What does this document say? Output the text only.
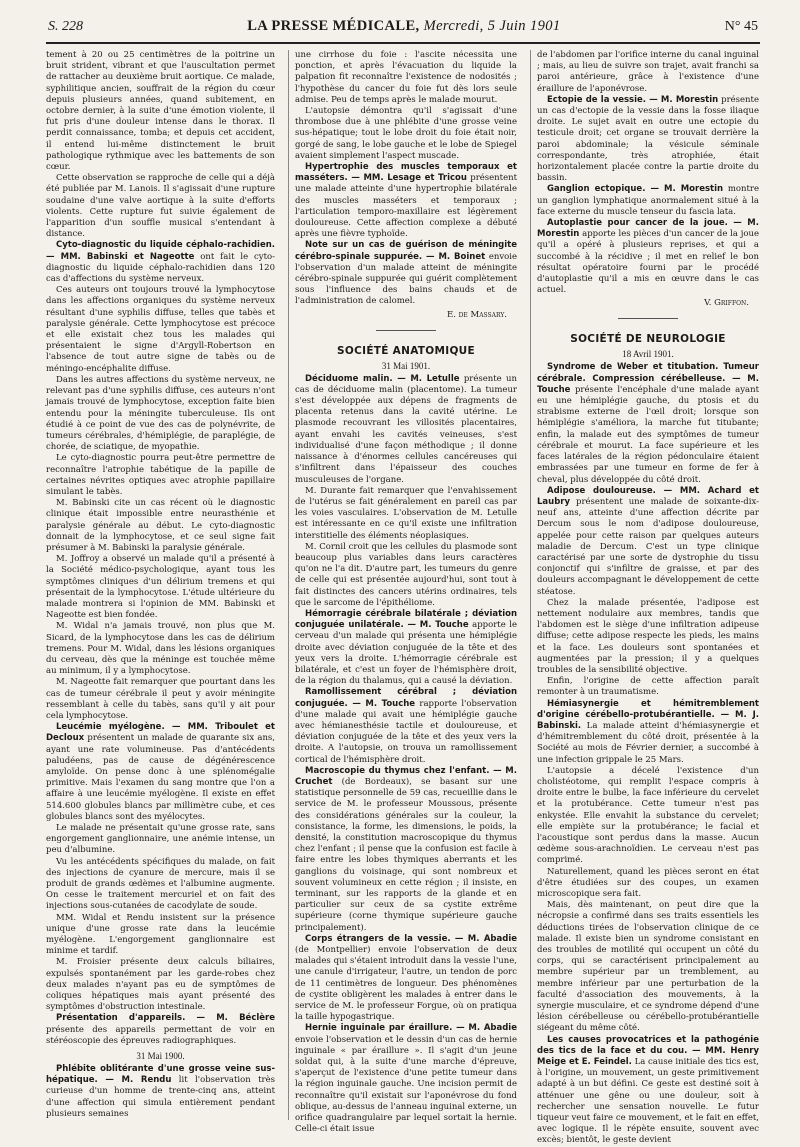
S. 228	LA PRESSE MÉDICALE, Mercredi, 5 Juin 1901	N° 45

tement à 20 ou 25 centimètres de la poitrine un bruit strident, vibrant et que l'auscultation permet de rattacher au deuxième bruit aortique. Ce malade, syphilitique ancien, souffrait de la région du cœur depuis plusieurs années, quand subitement, en octobre dernier, à la suite d'une émotion violente, il fut pris d'une douleur intense dans le thorax. Il perdit connaissance, tomba; et depuis cet accident, il entend lui-même distinctement le bruit pathologique rythmique avec les battements de son cœur.

Cette observation se rapproche de celle qui a déjà été publiée par M. Lanois. Il s'agissait d'une rupture soudaine d'une valve aortique à la suite d'efforts violents. Cette rupture fut suivie également de l'apparition d'un souffle musical s'entendant à distance.

Cyto-diagnostic du liquide céphalo-rachidien. — MM. Babinski et Nageotte ont fait le cyto-diagnostic du liquide céphalo-rachidien dans 120 cas d'affections du système nerveux.

Ces auteurs ont toujours trouvé la lymphocytose dans les affections organiques du système nerveux résultant d'une syphilis diffuse, telles que tabès et paralysie générale. Cette lymphocytose est précoce et elle existait chez tous les malades qui présentaient le signe d'Argyll-Robertson en l'absence de tout autre signe de tabès ou de méningo-encéphalite diffuse.

Dans les autres affections du système nerveux, ne relevant pas d'une syphilis diffuse, ces auteurs n'ont jamais trouvé de lymphocytose, exception faite bien entendu pour la méningite tuberculeuse. Ils ont étudié à ce point de vue des cas de polynévrite, de tumeurs cérébrales, d'hémiplégie, de paraplégie, de chorée, de sciatique, de myopathie.

Le cyto-diagnostic pourra peut-être permettre de reconnaître l'atrophie tabétique de la papille de certaines névrites optiques avec atrophie papillaire simulant le tabès.

M. Babinski cite un cas récent où le diagnostic clinique était impossible entre neurasthénie et paralysie générale au début. Le cyto-diagnostic donnait de la lymphocytose, et ce seul signe fait présumer à M. Babinski la paralysie générale.

M. Joffroy a observé un malade qu'il a présenté à la Société médico-psychologique, ayant tous les symptômes cliniques d'un délirium tremens et qui présentait de la lymphocytose. L'étude ultérieure du malade montrera si l'opinion de MM. Babinski et Nageotte est bien fondée.

M. Widal n'a jamais trouvé, non plus que M. Sicard, de la lymphocytose dans les cas de délirium tremens. Pour M. Widal, dans les lésions organiques du cerveau, dès que la méninge est touchée même au minimum, il y a lymphocytose.

M. Nageotte fait remarquer que pourtant dans les cas de tumeur cérébrale il peut y avoir méningite ressemblant à celle du tabès, sans qu'il y ait pour cela lymphocytose.

Leucémie myélogène. — MM. Triboulet et Decloux présentent un malade de quarante six ans, ayant une rate volumineuse. Pas d'antécédents paludéens, pas de cause de dégénérescence amyloïde. On pense donc à une splénomégalie primitive. Mais l'examen du sang montre que l'on a affaire à une leucémie myélogène. Il existe en effet 514.600 globules blancs par millimètre cube, et ces globules blancs sont des myélocytes.

Le malade ne présentait qu'une grosse rate, sans engorgement ganglionnaire, une anémie intense, un peu d'albumine.

Vu les antécédents spécifiques du malade, on fait des injections de cyanure de mercure, mais il se produit de grands œdèmes et l'albumine augmente. On cesse le traitement mercuriel et on fait des injections sous-cutanées de cacodylate de soude.

MM. Widal et Rendu insistent sur la présence unique d'une grosse rate dans la leucémie myélogène. L'engorgement ganglionnaire est minime et tardif.

M. Froisier présente deux calculs biliaires, expulsés spontanément par les garde-robes chez deux malades n'ayant pas eu de symptômes de coliques hépatiques mais ayant présenté des symptômes d'obstruction intestinale.

Présentation d'appareils. — M. Béclère présente des appareils permettant de voir en stéréoscopie des épreuves radiographiques.

31 Mai 1900.

Phlébite oblitérante d'une grosse veine sus-hépatique. — M. Rendu lit l'observation très curieuse d'un homme de trente-cinq ans, atteint d'une affection qui simula entièrement pendant plusieurs semaines

une cirrhose du foie : l'ascite nécessita une ponction, et après l'évacuation du liquide la palpation fit reconnaître l'existence de nodosités ; l'hypothèse du cancer du foie fut dès lors seule admise. Peu de temps après le malade mourut.

L'autopsie démontra qu'il s'agissait d'une thrombose due à une phlébite d'une grosse veine sus-hépatique; tout le lobe droit du foie était noir, gorgé de sang, le lobe gauche et le lobe de Spiegel avaient simplement l'aspect muscade.

Hypertrophie des muscles temporaux et masséters. — MM. Lesage et Tricou présentent une malade atteinte d'une hypertrophie bilatérale des muscles masséters et temporaux ; l'articulation temporo-maxillaire est légèrement douloureuse. Cette affection complexe a débuté après une fièvre typhoïde.

Note sur un cas de guérison de méningite cérébro-spinale suppurée. — M. Boinet envoie l'observation d'un malade atteint de méningite cérébro-spinale suppurée qui guérit complètement sous l'influence des bains chauds et de l'administration de calomel.

E. de Massary.
SOCIÉTÉ ANATOMIQUE
31 Mai 1901.

Déciduome malin. — M. Letulle présente un cas de déciduome malin (placentome). La tumeur s'est développée aux dépens de fragments de placenta retenus dans la cavité utérine. Le plasmode recouvrant les villosités placentaires, ayant envahi les cavités veineuses, s'est individualisé d'une façon méthodique ; il donne naissance à d'énormes cellules cancéreuses qui s'infiltrent dans l'épaisseur des couches musculeuses de l'organe.

M. Durante fait remarquer que l'envahissement de l'utérus se fait généralement en pareil cas par les voies vasculaires. L'observation de M. Letulle est intéressante en ce qu'il existe une infiltration interstitielle des éléments néoplasiques.

M. Cornil croit que les cellules du plasmode sont beaucoup plus variables dans leurs caractères qu'on ne l'a dit. D'autre part, les tumeurs du genre de celle qui est présentée aujourd'hui, sont tout à fait distinctes des cancers utérins ordinaires, tels que le sarcome de l'épithéliome.

Hémorragie cérébrale bilatérale ; déviation conjuguée unilatérale. — M. Touche apporte le cerveau d'un malade qui présenta une hémiplégie droite avec déviation conjuguée de la tête et des yeux vers la droite. L'hémorragie cérébrale est bilatérale, et c'est un foyer de l'hémisphère droit, de la région du thalamus, qui a causé la déviation.

Ramollissement cérébral ; déviation conjuguée. — M. Touche rapporte l'observation d'une malade qui avait une hémiplégie gauche avec hémianesthésie tactile et douloureuse, et déviation conjuguée de la tête et des yeux vers la droite. A l'autopsie, on trouva un ramollissement cortical de l'hémisphère droit.

Macroscopie du thymus chez l'enfant. — M. Cruchet (de Bordeaux), se basant sur une statistique personnelle de 59 cas, recueillie dans le service de M. le professeur Moussous, présente des considérations générales sur la couleur, la consistance, la forme, les dimensions, le poids, la densité, la constitution macroscopique du thymus chez l'enfant ; il pense que la confusion est facile à faire entre les lobes thymiques aberrants et les ganglions du voisinage, qui sont nombreux et souvent volumineux en cette région ; il insiste, en terminant, sur les rapports de la glande et en particulier sur ceux de sa cystite extrême supérieure (corne thymique supérieure gauche principalement).

Corps étrangers de la vessie. — M. Abadie (de Montpellier) envoie l'observation de deux malades qui s'étaient introduit dans la vessie l'une, une canule d'irrigateur, l'autre, un tendon de porc de 11 centimètres de longueur. Des phénomènes de cystite obligèrent les malades à entrer dans le service de M. le professeur Forgue, où on pratiqua la taille hypogastrique.

Hernie inguinale par éraillure. — M. Abadie envoie l'observation et le dessin d'un cas de hernie inguinale « par éraillure ». Il s'agit d'un jeune soldat qui, à la suite d'une marche d'épreuve, s'aperçut de l'existence d'une petite tumeur dans la région inguinale gauche. Une incision permit de reconnaître qu'il existait sur l'aponévrose du fond oblique, au-dessus de l'anneau inguinal externe, un orifice quadrangulaire par lequel sortait la hernie. Celle-ci était issue

de l'abdomen par l'orifice interne du canal inguinal ; mais, au lieu de suivre son trajet, avait franchi sa paroi antérieure, grâce à l'existence d'une éraillure de l'aponévrose.

Ectopie de la vessie. — M. Morestin présente un cas d'ectopie de la vessie dans la fosse iliaque droite. Le sujet avait en outre une ectopie du testicule droit; cet organe se trouvait derrière la paroi abdominale; la vésicule séminale correspondante, très atrophiée, était horizontalement placée contre la partie droite du bassin.

Ganglion ectopique. — M. Morestin montre un ganglion lymphatique anormalement situé à la face externe du muscle tenseur du fascia lata.

Autoplastie pour cancer de la joue. — M. Morestin apporte les pièces d'un cancer de la joue qu'il a opéré à plusieurs reprises, et qui a succombé à la récidive ; il met en relief le bon résultat opératoire fourni par le procédé d'autoplastie qu'il a mis en œuvre dans le cas actuel.

V. Griffon.
SOCIÉTÉ DE NEUROLOGIE
18 Avril 1901.

Syndrome de Weber et titubation. Tumeur cérébrale. Compression cérébelleuse. — M. Touche présente l'encéphale d'une malade ayant eu une hémiplégie gauche, du ptosis et du strabisme externe de l'œil droit; lorsque son hémiplégie s'améliora, la marche fut titubante; enfin, la malade eut des symptômes de tumeur cérébrale et mourut. La face supérieure et les faces latérales de la région pédonculaire étaient embrassées par une tumeur en forme de fer à cheval, plus développée du côté droit.

Adipose douloureuse. — MM. Achard et Laubry présentent une malade de soixante-dix-neuf ans, atteinte d'une affection décrite par Dercum sous le nom d'adipose douloureuse, appelée pour cette raison par quelques auteurs maladie de Dercum. C'est un type clinique caractérisé par une sorte de dystrophie du tissu conjonctif qui s'infiltre de graisse, et par des douleurs accompagnant le développement de cette stéatose.

Chez la malade présentée, l'adipose est nettement nodulaire aux membres, tandis que l'abdomen est le siège d'une infiltration adipeuse diffuse; cette adipose respecte les pieds, les mains et la face. Les douleurs sont spontanées et augmentées par la pression; il y a quelques troubles de la sensibilité objective.

Enfin, l'origine de cette affection paraît remonter à un traumatisme.

Hémiasynergie et hémitremblement d'origine cérébello-protubérantielle. — M. J. Babinski. La malade atteint d'hémiasynergie et d'hémitremblement du côté droit, présentée à la Société au mois de Février dernier, a succombé à une infection grippale le 25 Mars.

L'autopsie a décelé l'existence d'un cholistéotome, qui remplit l'espace compris à droite entre le bulbe, la face inférieure du cervelet et la protubérance. Cette tumeur n'est pas enkystée. Elle envahit la substance du cervelet; elle empiète sur la protubérance; le facial et l'acoustique sont perdus dans la masse. Aucun œdème sous-arachnoïdien. Le cerveau n'est pas comprimé.

Naturellement, quand les pièces seront en état d'être étudiées sur des coupes, un examen microscopique sera fait.

Mais, dès maintenant, on peut dire que la nécropsie a confirmé dans ses traits essentiels les déductions tirées de l'observation clinique de ce malade. Il existe bien un syndrome consistant en des troubles de motilité qui occupent un côté du corps, qui se caractérisent principalement au membre supérieur par un tremblement, au membre inférieur par une perturbation de la faculté d'association des mouvements, à la synergie musculaire, et ce syndrome dépend d'une lésion cérébelleuse ou cérébello-protubérantielle siégeant du même côté.

Les causes provocatrices et la pathogénie des tics de la face et du cou. — MM. Henry Meige et E. Feindel. La cause initiale des tics est, à l'origine, un mouvement, un geste primitivement adapté à un but défini. Ce geste est destiné soit à atténuer une gêne ou une douleur, soit à rechercher une sensation nouvelle. Le futur tiqueur veut faire ce mouvement, et le fait en effet, avec logique. Il le répète ensuite, souvent avec excès; bientôt, le geste devient
